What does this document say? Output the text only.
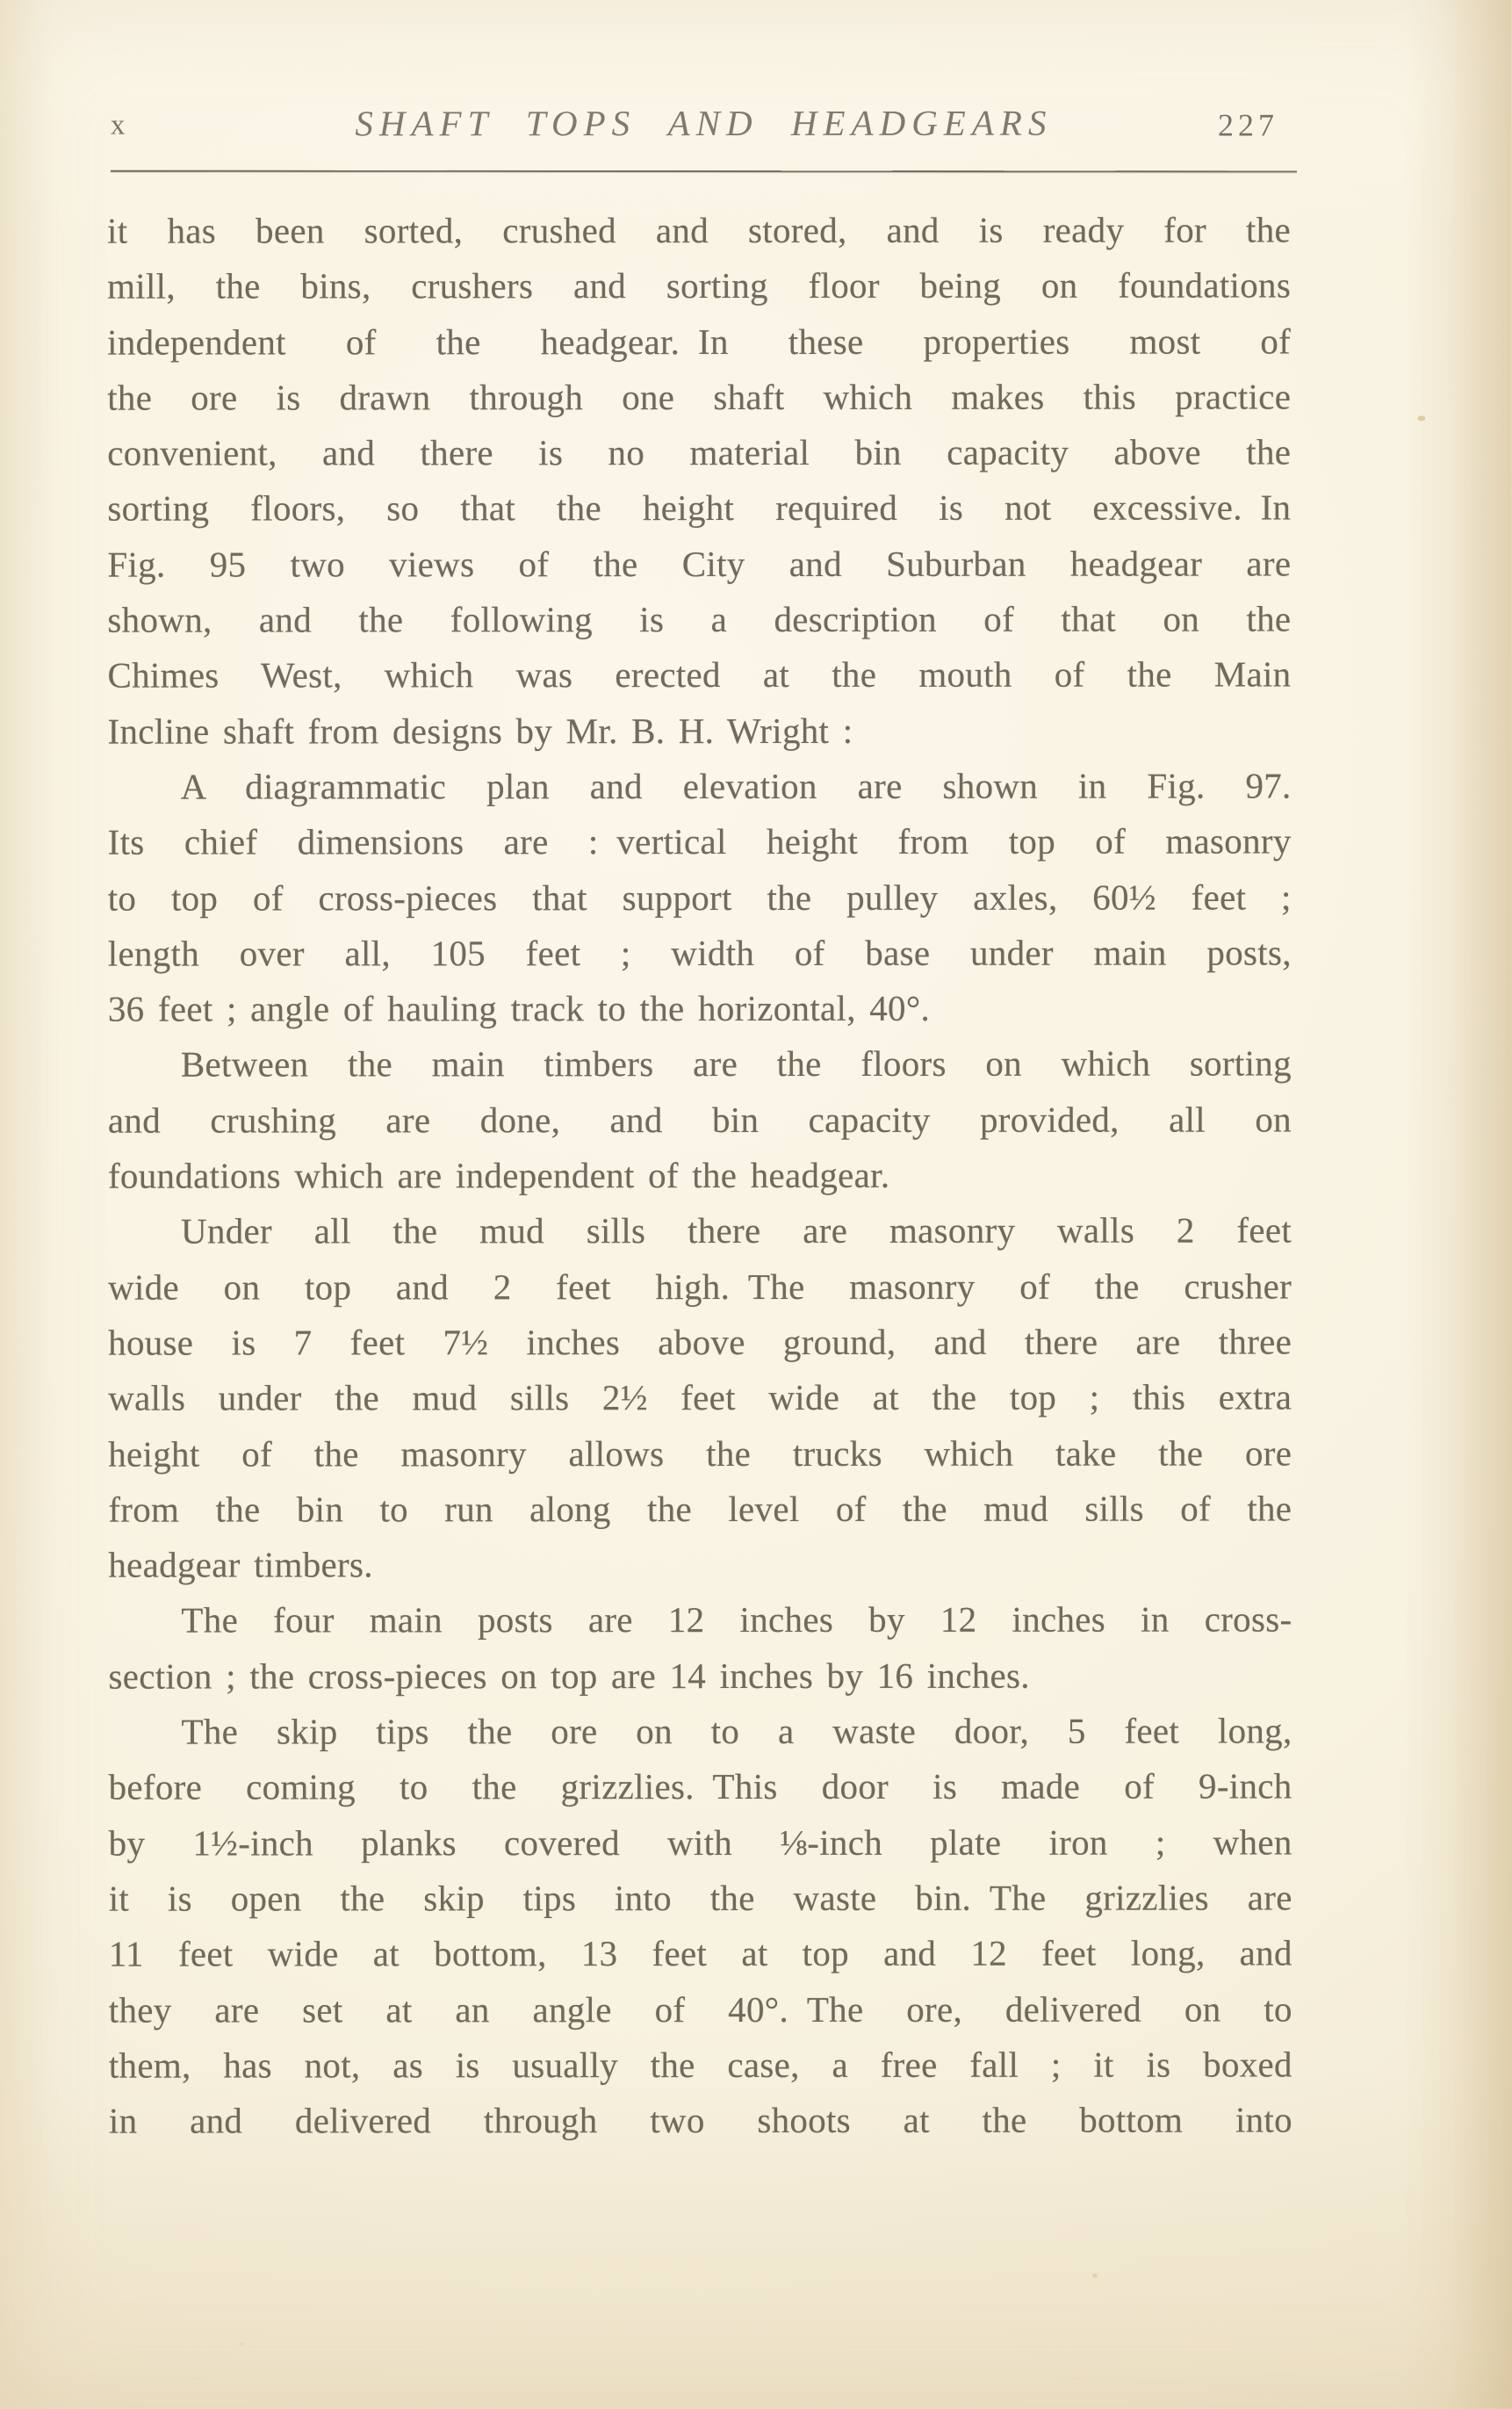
SHAFT TOPS AND HEADGEARS
x	227
it has been sorted, crushed and stored, and is ready for the
mill, the bins, crushers and sorting floor being on foundations
independent of the headgear. In these properties most of
the ore is drawn through one shaft which makes this practice
convenient, and there is no material bin capacity above the
sorting floors, so that the height required is not excessive. In
Fig. 95 two views of the City and Suburban headgear are
shown, and the following is a description of that on the
Chimes West, which was erected at the mouth of the Main
Incline shaft from designs by Mr. B. H. Wright :
A diagrammatic plan and elevation are shown in Fig. 97.
Its chief dimensions are : vertical height from top of masonry
to top of cross-pieces that support the pulley axles, 60½ feet ;
length over all, 105 feet ; width of base under main posts,
36 feet ; angle of hauling track to the horizontal, 40°.
Between the main timbers are the floors on which sorting
and crushing are done, and bin capacity provided, all on
foundations which are independent of the headgear.
Under all the mud sills there are masonry walls 2 feet
wide on top and 2 feet high. The masonry of the crusher
house is 7 feet 7½ inches above ground, and there are three
walls under the mud sills 2½ feet wide at the top ; this extra
height of the masonry allows the trucks which take the ore
from the bin to run along the level of the mud sills of the
headgear timbers.
The four main posts are 12 inches by 12 inches in cross-
section ; the cross-pieces on top are 14 inches by 16 inches.
The skip tips the ore on to a waste door, 5 feet long,
before coming to the grizzlies. This door is made of 9-inch
by 1½-inch planks covered with ⅛-inch plate iron ; when
it is open the skip tips into the waste bin. The grizzlies are
11 feet wide at bottom, 13 feet at top and 12 feet long, and
they are set at an angle of 40°. The ore, delivered on to
them, has not, as is usually the case, a free fall ; it is boxed
in and delivered through two shoots at the bottom into
